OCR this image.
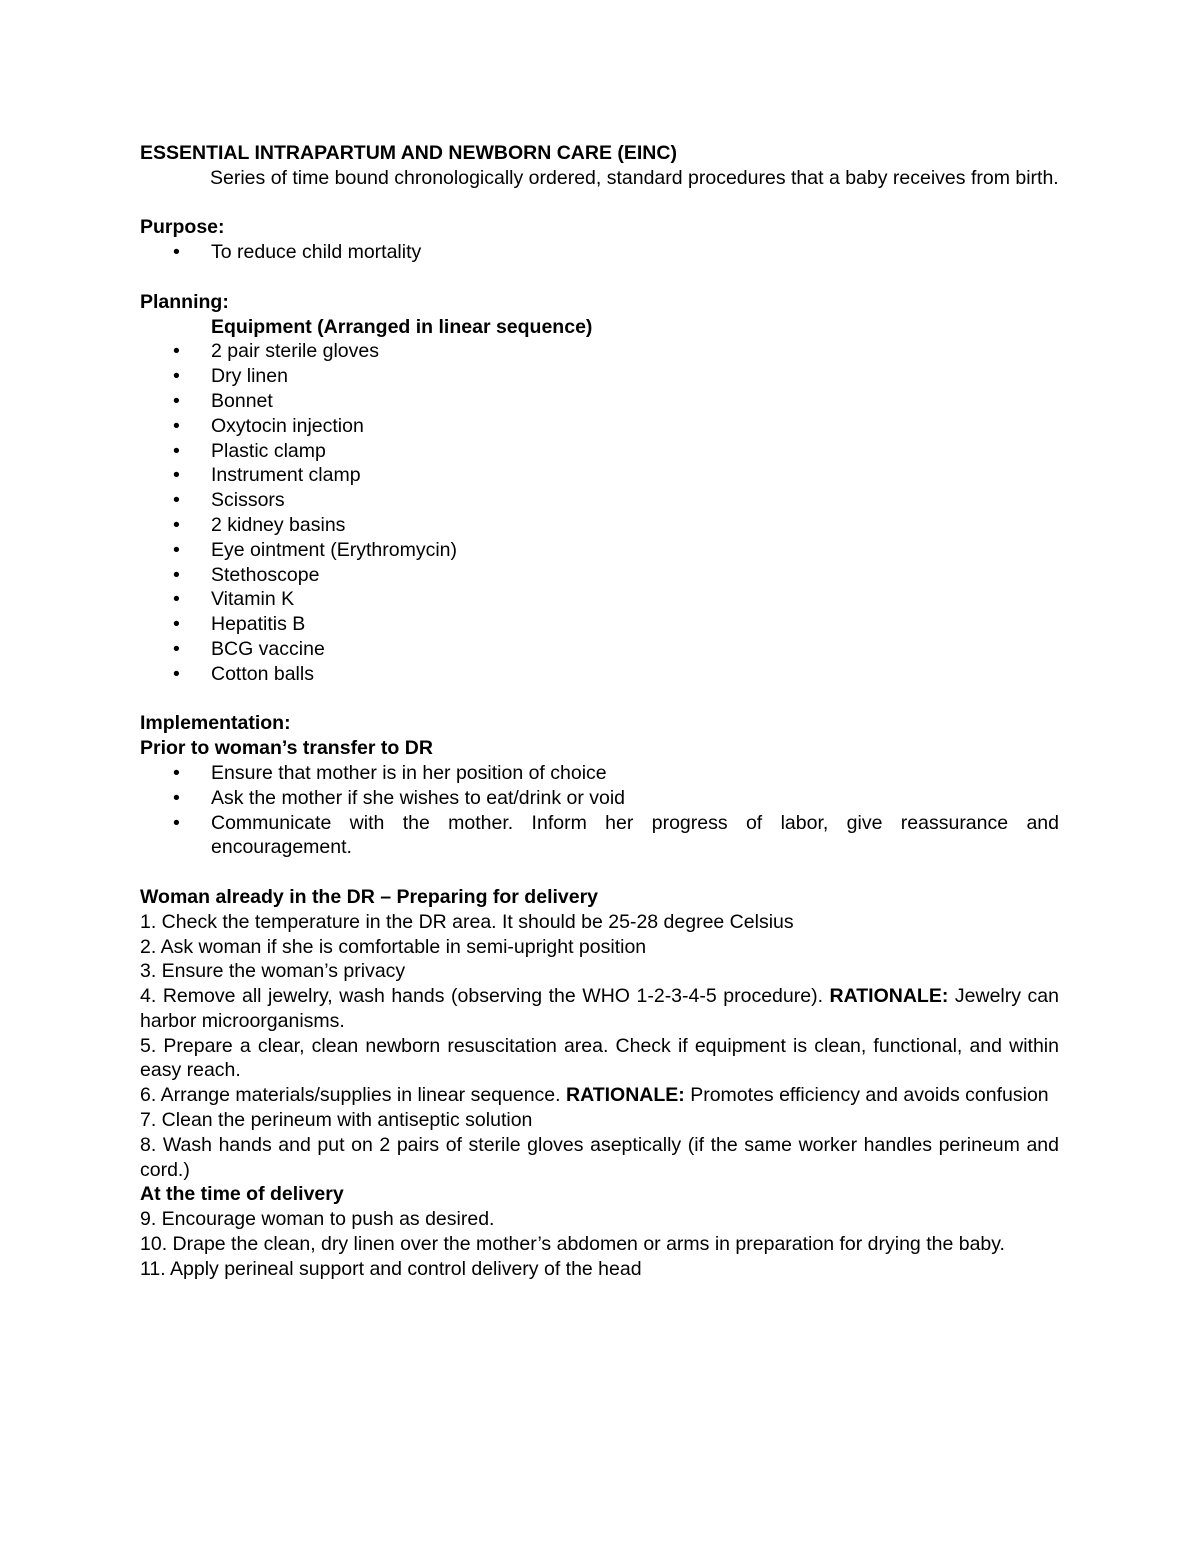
ESSENTIAL INTRAPARTUM AND NEWBORN CARE (EINC)

Series of time bound chronologically ordered, standard procedures that a baby receives from birth.

Purpose:

• To reduce child mortality

Planning:

Equipment (Arranged in linear sequence)

• 2 pair sterile gloves
• Dry linen
• Bonnet
• Oxytocin injection
• Plastic clamp
• Instrument clamp
• Scissors
• 2 kidney basins
• Eye ointment (Erythromycin)
• Stethoscope
• Vitamin K
• Hepatitis B
• BCG vaccine
• Cotton balls

Implementation:

Prior to woman’s transfer to DR

• Ensure that mother is in her position of choice
• Ask the mother if she wishes to eat/drink or void
• Communicate with the mother. Inform her progress of labor, give reassurance and encouragement.

Woman already in the DR – Preparing for delivery

1. Check the temperature in the DR area. It should be 25-28 degree Celsius

2. Ask woman if she is comfortable in semi-upright position

3. Ensure the woman’s privacy

4. Remove all jewelry, wash hands (observing the WHO 1-2-3-4-5 procedure). RATIONALE: Jewelry can harbor microorganisms.

5. Prepare a clear, clean newborn resuscitation area. Check if equipment is clean, functional, and within easy reach.

6. Arrange materials/supplies in linear sequence. RATIONALE: Promotes efficiency and avoids confusion

7. Clean the perineum with antiseptic solution

8. Wash hands and put on 2 pairs of sterile gloves aseptically (if the same worker handles perineum and cord.)

At the time of delivery

9. Encourage woman to push as desired.

10. Drape the clean, dry linen over the mother’s abdomen or arms in preparation for drying the baby.

11. Apply perineal support and control delivery of the head
